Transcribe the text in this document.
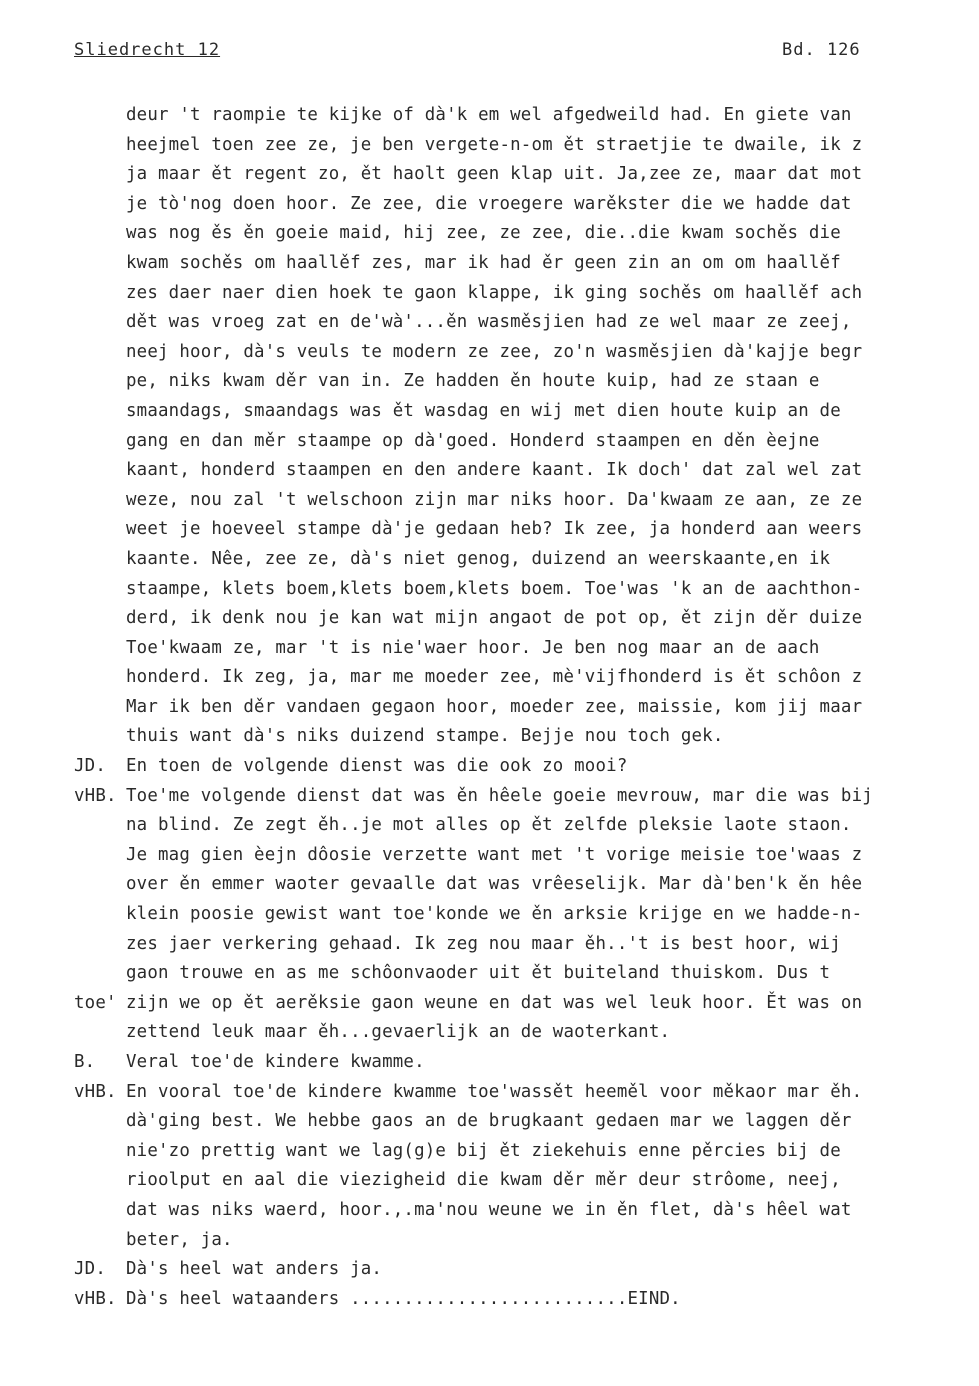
Sliedrecht 12	Bd. 126
deur 't raompie te kijke of dà'k em wel afgedweild had. En giete van
heejmel toen zee ze, je ben vergete-n-om ět straetjie te dwaile, ik z
ja maar ět regent zo, ět haolt geen klap uit. Ja,zee ze, maar dat mot
je tò'nog doen hoor. Ze zee, die vroegere warěkster die we hadde dat
was nog ěs ěn goeie maid, hij zee, ze zee, die..die kwam sochěs die
kwam sochěs om haallěf zes, mar ik had ěr geen zin an om om haallěf
zes daer naer dien hoek te gaon klappe, ik ging sochěs om haallěf ach
dět was vroeg zat en de'wà'...ěn wasměsjien had ze wel maar ze zeej,
neej hoor, dà's veuls te modern ze zee, zo'n wasměsjien dà'kajje begr
pe, niks kwam děr van in. Ze hadden ěn houte kuip, had ze staan e
smaandags, smaandags was ět wasdag en wij met dien houte kuip an de
gang en dan měr staampe op dà'goed. Honderd staampen en děn èejne
kaant, honderd staampen en den andere kaant. Ik doch' dat zal wel zat
weze, nou zal 't welschoon zijn mar niks hoor. Da'kwaam ze aan, ze ze
weet je hoeveel stampe dà'je gedaan heb? Ik zee, ja honderd aan weers
kaante. Nêe, zee ze, dà's niet genog, duizend an weerskaante,en ik
staampe, klets boem,klets boem,klets boem. Toe'was 'k an de aachthon-
derd, ik denk nou je kan wat mijn angaot de pot op, ět zijn děr duize
Toe'kwaam ze, mar 't is nie'waer hoor. Je ben nog maar an de aach
honderd. Ik zeg, ja, mar me moeder zee, mè'vijfhonderd is ět schôon z
Mar ik ben děr vandaen gegaon hoor, moeder zee, maissie, kom jij maar
thuis want dà's niks duizend stampe. Bejje nou toch gek.
JD.	En toen de volgende dienst was die ook zo mooi?
vHB. Toe'me volgende dienst dat was ěn hêele goeie mevrouw, mar die was bij
na blind. Ze zegt ěh..je mot alles op ět zelfde pleksie laote staon.
Je mag gien èejn dôosie verzette want met 't vorige meisie toe'waas z
over ěn emmer waoter gevaalle dat was vrêeselijk. Mar dà'ben'k ěn hêe
klein poosie gewist want toe'konde we ěn arksie krijge en we hadde-n-
zes jaer verkering gehaad. Ik zeg nou maar ěh..'t is best hoor, wij
gaon trouwe en as me schôonvaoder uit ět buiteland thuiskom. Dus t
toe' zijn we op ět aerěksie gaon weune en dat was wel leuk hoor. Ět was on
zettend leuk maar ěh...gevaerlijk an de waoterkant.
B.	Veral toe'de kindere kwamme.
vHB. En vooral toe'de kindere kwamme toe'wassět heeměl voor měkaor mar ěh.
dà'ging best. We hebbe gaos an de brugkaant gedaen mar we laggen děr
nie'zo prettig want we lag(g)e bij ět ziekehuis enne pěrcies bij de
rioolput en aal die viezigheid die kwam děr měr deur strôome, neej,
dat was niks waerd, hoor.,.ma'nou weune we in ěn flet, dà's hêel wat
beter, ja.
JD.	Dà's heel wat anders ja.
vHB. Dà's heel wataanders ..........................EIND.
